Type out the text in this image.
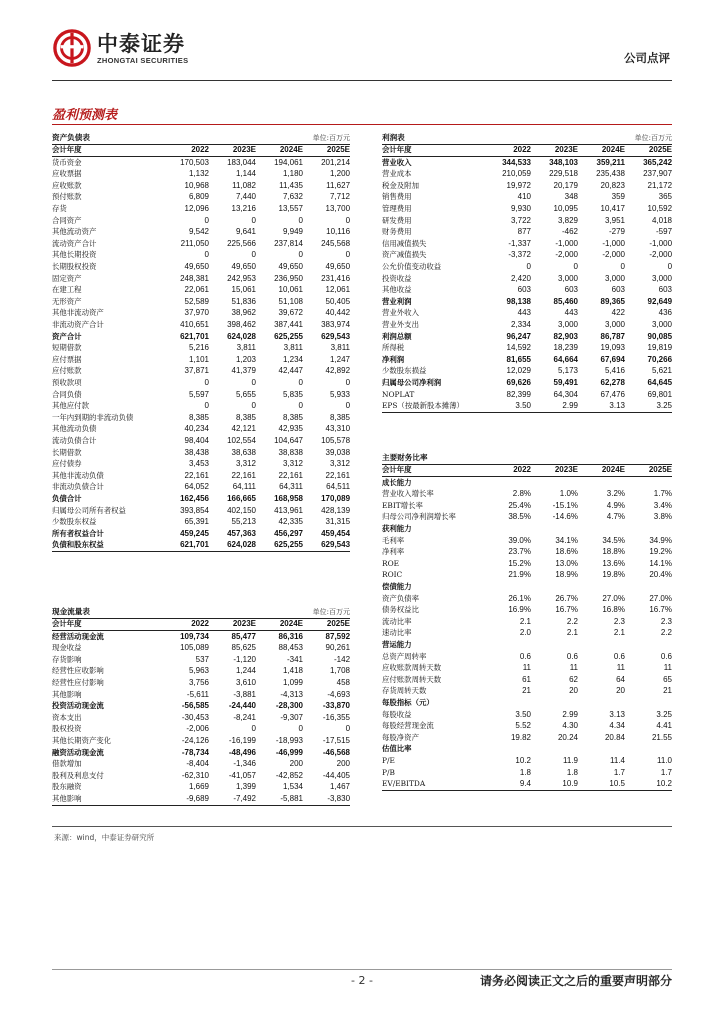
中泰证券
ZHONGTAI SECURITIES	公司点评
盈利预测表
资产负债表			单位:百万元	
会计年度	2022	2023E	2024E	2025E
货币资金	170,503	183,044	194,061	201,214
应收票据	1,132	1,144	1,180	1,200
应收账款	10,968	11,082	11,435	11,627
预付账款	6,809	7,440	7,632	7,712
存货	12,096	13,216	13,557	13,700
合同资产	0	0	0	0
其他流动资产	9,542	9,641	9,949	10,116
流动资产合计	211,050	225,566	237,814	245,568
其他长期投资	0	0	0	0
长期股权投资	49,650	49,650	49,650	49,650
固定资产	248,381	242,953	236,950	231,416
在建工程	22,061	15,061	10,061	12,061
无形资产	52,589	51,836	51,108	50,405
其他非流动资产	37,970	38,962	39,672	40,442
非流动资产合计	410,651	398,462	387,441	383,974
资产合计	621,701	624,028	625,255	629,543
短期借款	5,216	3,811	3,811	3,811
应付票据	1,101	1,203	1,234	1,247
应付账款	37,871	41,379	42,447	42,892
预收款项	0	0	0	0
合同负债	5,597	5,655	5,835	5,933
其他应付款	0	0	0	0
一年内到期的非流动负债	8,385	8,385	8,385	8,385
其他流动负债	40,234	42,121	42,935	43,310
流动负债合计	98,404	102,554	104,647	105,578
长期借款	38,438	38,638	38,838	39,038
应付债券	3,453	3,312	3,312	3,312
其他非流动负债	22,161	22,161	22,161	22,161
非流动负债合计	64,052	64,111	64,311	64,511
负债合计	162,456	166,665	168,958	170,089
归属母公司所有者权益	393,854	402,150	413,961	428,139
少数股东权益	65,391	55,213	42,335	31,315
所有者权益合计	459,245	457,363	456,297	459,454
负债和股东权益	621,701	624,028	625,255	629,543
现金流量表			单位:百万元	
会计年度	2022	2023E	2024E	2025E
经营活动现金流	109,734	85,477	86,316	87,592
现金收益	105,089	85,625	88,453	90,261
存货影响	537	-1,120	-341	-142
经营性应收影响	5,963	1,244	1,418	1,708
经营性应付影响	3,756	3,610	1,099	458
其他影响	-5,611	-3,881	-4,313	-4,693
投资活动现金流	-56,585	-24,440	-28,300	-33,870
资本支出	-30,453	-8,241	-9,307	-16,355
股权投资	-2,006	0	0	0
其他长期资产变化	-24,126	-16,199	-18,993	-17,515
融资活动现金流	-78,734	-48,496	-46,999	-46,568
借款增加	-8,404	-1,346	200	200
股利及利息支付	-62,310	-41,057	-42,852	-44,405
股东融资	1,669	1,399	1,534	1,467
其他影响	-9,689	-7,492	-5,881	-3,830
利润表			单位:百万元	
会计年度	2022	2023E	2024E	2025E
营业收入	344,533	348,103	359,211	365,242
营业成本	210,059	229,518	235,438	237,907
税金及附加	19,972	20,179	20,823	21,172
销售费用	410	348	359	365
管理费用	9,930	10,095	10,417	10,592
研发费用	3,722	3,829	3,951	4,018
财务费用	877	-462	-279	-597
信用减值损失	-1,337	-1,000	-1,000	-1,000
资产减值损失	-3,372	-2,000	-2,000	-2,000
公允价值变动收益	0	0	0	0
投资收益	2,420	3,000	3,000	3,000
其他收益	603	603	603	603
营业利润	98,138	85,460	89,365	92,649
营业外收入	443	443	422	436
营业外支出	2,334	3,000	3,000	3,000
利润总额	96,247	82,903	86,787	90,085
所得税	14,592	18,239	19,093	19,819
净利润	81,655	64,664	67,694	70,266
少数股东损益	12,029	5,173	5,416	5,621
归属母公司净利润	69,626	59,491	62,278	64,645
NOPLAT	82,399	64,304	67,476	69,801
EPS（按最新股本摊薄）	3.50	2.99	3.13	3.25
主要财务比率				
会计年度	2022	2023E	2024E	2025E
成长能力				
营业收入增长率	2.8%	1.0%	3.2%	1.7%
EBIT增长率	25.4%	-15.1%	4.9%	3.4%
归母公司净利润增长率	38.5%	-14.6%	4.7%	3.8%
获利能力				
毛利率	39.0%	34.1%	34.5%	34.9%
净利率	23.7%	18.6%	18.8%	19.2%
ROE	15.2%	13.0%	13.6%	14.1%
ROIC	21.9%	18.9%	19.8%	20.4%
偿债能力				
资产负债率	26.1%	26.7%	27.0%	27.0%
债务权益比	16.9%	16.7%	16.8%	16.7%
流动比率	2.1	2.2	2.3	2.3
速动比率	2.0	2.1	2.1	2.2
营运能力				
总资产周转率	0.6	0.6	0.6	0.6
应收账款周转天数	11	11	11	11
应付账款周转天数	61	62	64	65
存货周转天数	21	20	20	21
每股指标（元）				
每股收益	3.50	2.99	3.13	3.25
每股经营现金流	5.52	4.30	4.34	4.41
每股净资产	19.82	20.24	20.84	21.55
估值比率				
P/E	10.2	11.9	11.4	11.0
P/B	1.8	1.8	1.7	1.7
EV/EBITDA	9.4	10.9	10.5	10.2
来源：wind，中泰证券研究所
- 2 -	请务必阅读正文之后的重要声明部分
